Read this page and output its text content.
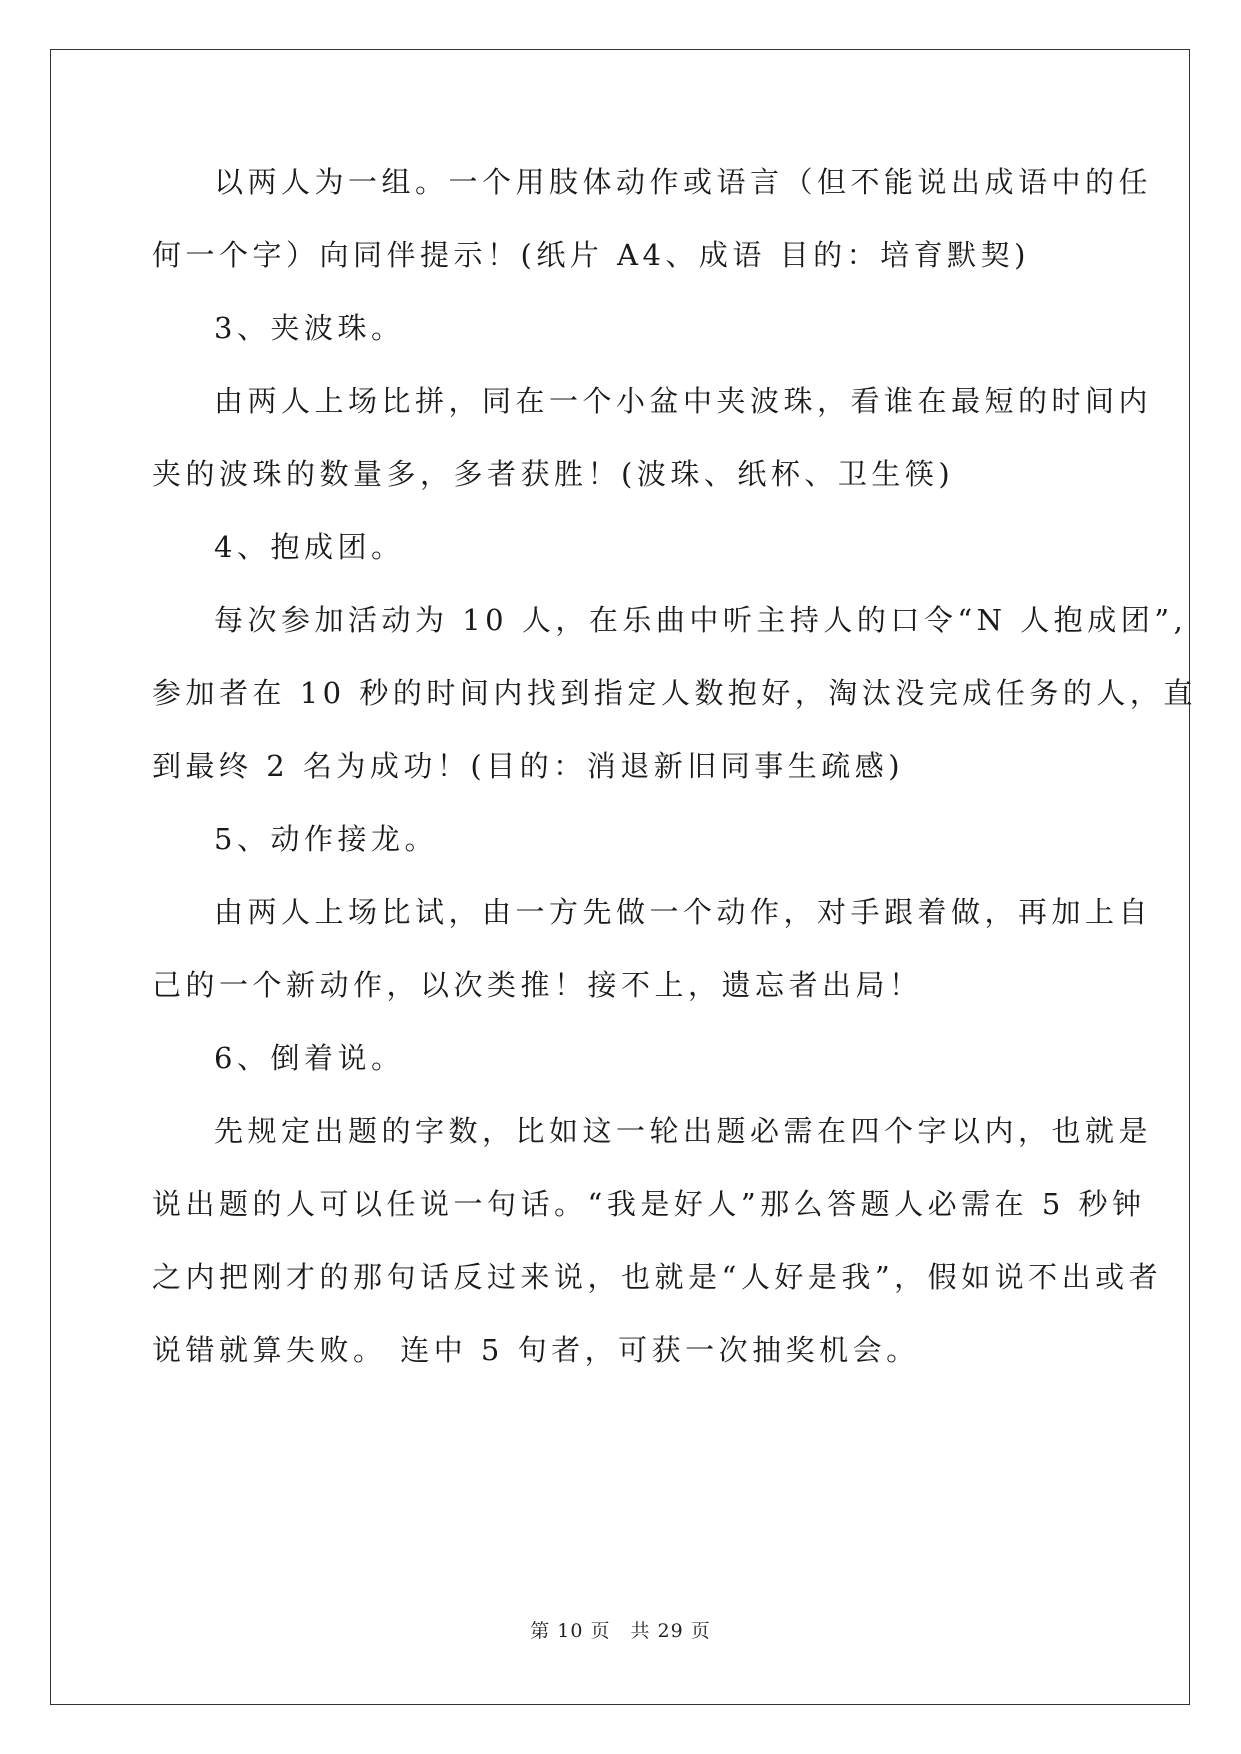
以两人为一组。一个用肢体动作或语言（但不能说出成语中的任
何一个字）向同伴提示！(纸片 A4、成语 目的：培育默契)
3、夹波珠。
由两人上场比拼，同在一个小盆中夹波珠，看谁在最短的时间内
夹的波珠的数量多，多者获胜！(波珠、纸杯、卫生筷)
4、抱成团。
每次参加活动为 10 人，在乐曲中听主持人的口令“N 人抱成团”,
参加者在 10 秒的时间内找到指定人数抱好，淘汰没完成任务的人，直
到最终 2 名为成功！(目的：消退新旧同事生疏感)
5、动作接龙。
由两人上场比试，由一方先做一个动作，对手跟着做，再加上自
己的一个新动作，以次类推！接不上，遗忘者出局！
6、倒着说。
先规定出题的字数，比如这一轮出题必需在四个字以内，也就是
说出题的人可以任说一句话。“我是好人”那么答题人必需在 5 秒钟
之内把刚才的那句话反过来说，也就是“人好是我”，假如说不出或者
说错就算失败。 连中 5 句者，可获一次抽奖机会。
第 10 页　共 29 页
